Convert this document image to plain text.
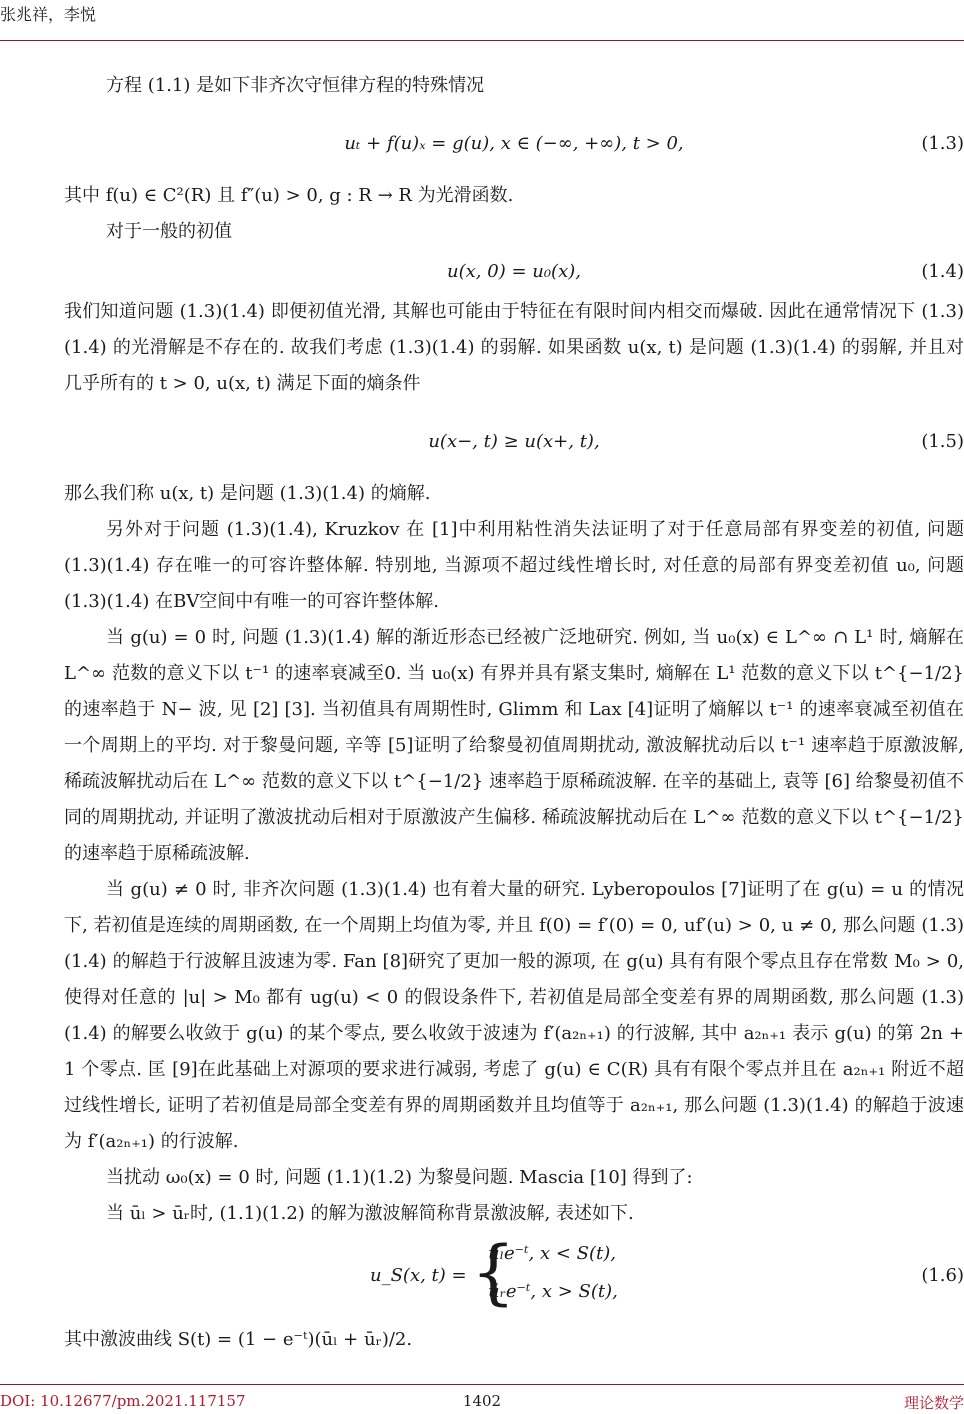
张兆祥，李悦

方程 (1.1) 是如下非齐次守恒律方程的特殊情况

uₜ + f(u)ₓ = g(u), x ∈ (−∞, +∞), t > 0,	(1.3)

其中 f(u) ∈ C²(R) 且 f″(u) > 0, g : R → R 为光滑函数.

对于一般的初值

u(x, 0) = u₀(x),	(1.4)

我们知道问题 (1.3)(1.4) 即便初值光滑, 其解也可能由于特征在有限时间内相交而爆破. 因此在通常情况下 (1.3)(1.4) 的光滑解是不存在的. 故我们考虑 (1.3)(1.4) 的弱解. 如果函数 u(x, t) 是问题 (1.3)(1.4) 的弱解, 并且对几乎所有的 t > 0, u(x, t) 满足下面的熵条件

u(x−, t) ≥ u(x+, t),	(1.5)

那么我们称 u(x, t) 是问题 (1.3)(1.4) 的熵解.

另外对于问题 (1.3)(1.4), Kruzkov 在 [1]中利用粘性消失法证明了对于任意局部有界变差的初值, 问题 (1.3)(1.4) 存在唯一的可容许整体解. 特别地, 当源项不超过线性增长时, 对任意的局部有界变差初值 u₀, 问题 (1.3)(1.4) 在BV空间中有唯一的可容许整体解.

当 g(u) = 0 时, 问题 (1.3)(1.4) 解的渐近形态已经被广泛地研究. 例如, 当 u₀(x) ∈ L^∞ ∩ L¹ 时, 熵解在 L^∞ 范数的意义下以 t⁻¹ 的速率衰减至0. 当 u₀(x) 有界并具有紧支集时, 熵解在 L¹ 范数的意义下以 t^{−1/2} 的速率趋于 N− 波, 见 [2] [3]. 当初值具有周期性时, Glimm 和 Lax [4]证明了熵解以 t⁻¹ 的速率衰减至初值在一个周期上的平均. 对于黎曼问题, 辛等 [5]证明了给黎曼初值周期扰动, 激波解扰动后以 t⁻¹ 速率趋于原激波解, 稀疏波解扰动后在 L^∞ 范数的意义下以 t^{−1/2} 速率趋于原稀疏波解. 在辛的基础上, 袁等 [6] 给黎曼初值不同的周期扰动, 并证明了激波扰动后相对于原激波产生偏移. 稀疏波解扰动后在 L^∞ 范数的意义下以 t^{−1/2} 的速率趋于原稀疏波解.

当 g(u) ≠ 0 时, 非齐次问题 (1.3)(1.4) 也有着大量的研究. Lyberopoulos [7]证明了在 g(u) = u 的情况下, 若初值是连续的周期函数, 在一个周期上均值为零, 并且 f(0) = f′(0) = 0, uf′(u) > 0, u ≠ 0, 那么问题 (1.3)(1.4) 的解趋于行波解且波速为零. Fan [8]研究了更加一般的源项, 在 g(u) 具有有限个零点且存在常数 M₀ > 0, 使得对任意的 |u| > M₀ 都有 ug(u) < 0 的假设条件下, 若初值是局部全变差有界的周期函数, 那么问题 (1.3)(1.4) 的解要么收敛于 g(u) 的某个零点, 要么收敛于波速为 f′(a₂ₙ₊₁) 的行波解, 其中 a₂ₙ₊₁ 表示 g(u) 的第 2n + 1 个零点. 匡 [9]在此基础上对源项的要求进行减弱, 考虑了 g(u) ∈ C(R) 具有有限个零点并且在 a₂ₙ₊₁ 附近不超过线性增长, 证明了若初值是局部全变差有界的周期函数并且均值等于 a₂ₙ₊₁, 那么问题 (1.3)(1.4) 的解趋于波速为 f′(a₂ₙ₊₁) 的行波解.

当扰动 ω₀(x) = 0 时, 问题 (1.1)(1.2) 为黎曼问题. Mascia [10] 得到了:

当 ūₗ > ūᵣ时, (1.1)(1.2) 的解为激波解简称背景激波解, 表述如下.

u_S(x, t) = {
ūₗe⁻ᵗ, x < S(t),
ūᵣe⁻ᵗ, x > S(t),
(1.6)

其中激波曲线 S(t) = (1 − e⁻ᵗ)(ūₗ + ūᵣ)/2.

DOI: 10.12677/pm.2021.117157	1402	理论数学
